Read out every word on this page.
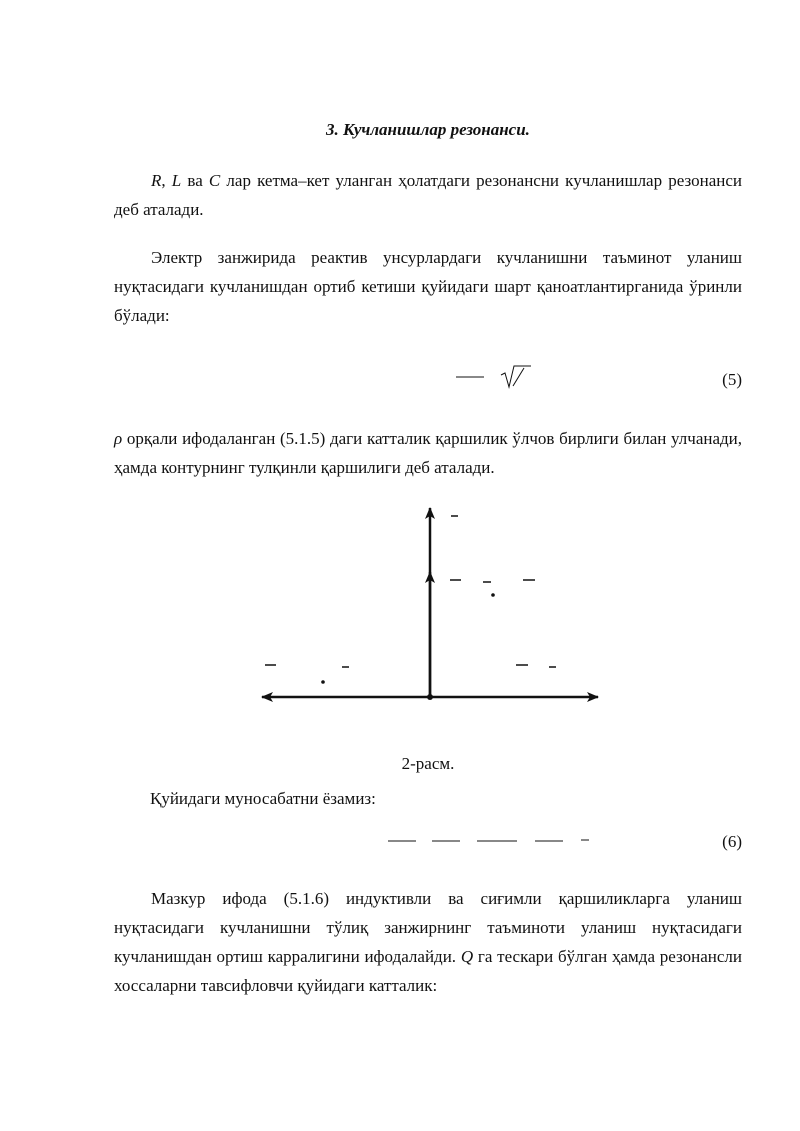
3. Кучланишлар резонанси.

R, L ва C лар кетма–кет уланган ҳолатдаги резонансни кучланишлар резонанси деб аталади.

Электр занжирида реактив унсурлардаги кучланишни таъминот уланиш нуқтасидаги кучланишдан ортиб кетиши қуйидаги шарт қаноатлантирганида ўринли бўлади:

(5)

ρ орқали ифодаланган (5.1.5) даги катталик қаршилик ўлчов бирлиги билан улчанади, ҳамда контурнинг тулқинли қаршилиги деб аталади.

2-расм.
Қуйидаги муносабатни ёзамиз:
(6)

Мазкур ифода (5.1.6) индуктивли ва сиғимли қаршиликларга уланиш нуқтасидаги кучланишни тўлиқ занжирнинг таъминоти уланиш нуқтасидаги кучланишдан ортиш карралигини ифодалайди. Q га тескари бўлган ҳамда резонансли хоссаларни тавсифловчи қуйидаги катталик:
